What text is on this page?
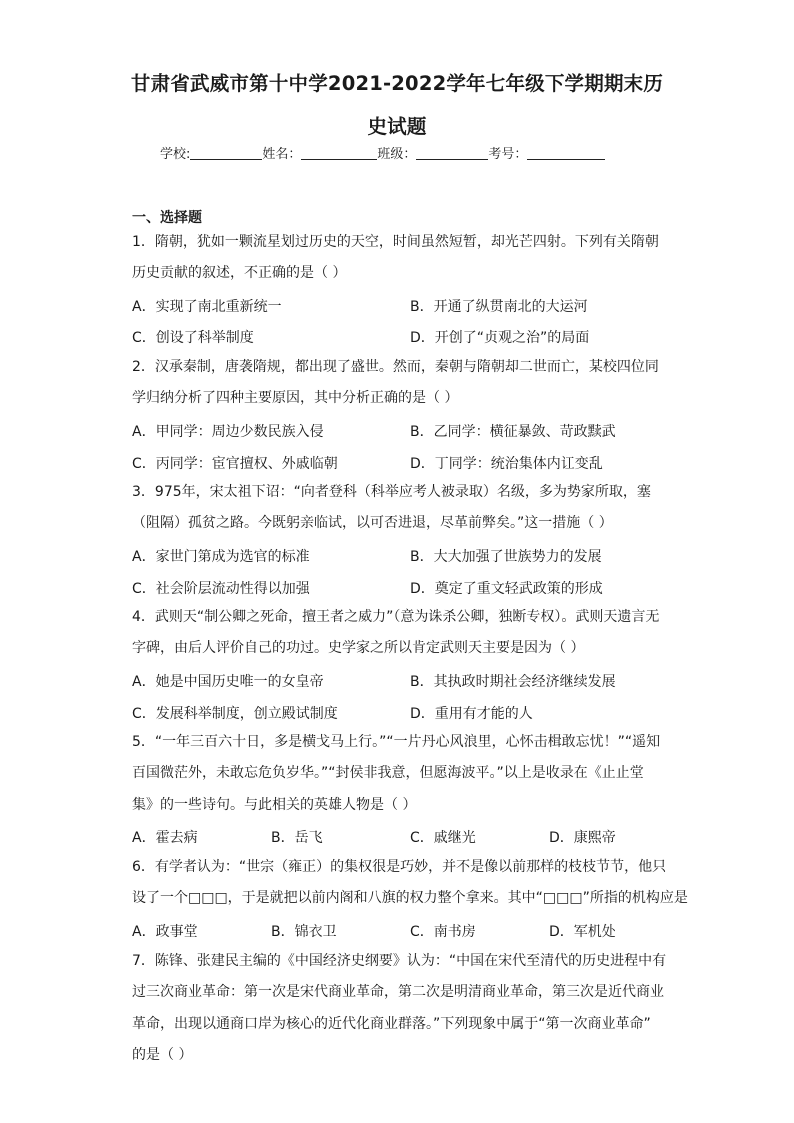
甘肃省武威市第十中学2021-2022学年七年级下学期期末历
史试题
学校:	姓名：	班级：	考号：
一、选择题

1．隋朝，犹如一颗流星划过历史的天空，时间虽然短暂，却光芒四射。下列有关隋朝

历史贡献的叙述，不正确的是（ ）

A．实现了南北重新统一	B．开通了纵贯南北的大运河
C．创设了科举制度	D．开创了“贞观之治”的局面

2．汉承秦制，唐袭隋规，都出现了盛世。然而，秦朝与隋朝却二世而亡，某校四位同

学归纳分析了四种主要原因，其中分析正确的是（ ）

A．甲同学：周边少数民族入侵	B．乙同学：横征暴敛、苛政黩武
C．丙同学：宦官擅权、外戚临朝	D．丁同学：统治集体内讧变乱

3．975年，宋太祖下诏：“向者登科（科举应考人被录取）名级，多为势家所取，塞

（阻隔）孤贫之路。今既躬亲临试，以可否进退，尽革前弊矣。”这一措施（ ）

A．家世门第成为选官的标准	B．大大加强了世族势力的发展
C．社会阶层流动性得以加强	D．奠定了重文轻武政策的形成

4．武则天“制公卿之死命，擅王者之威力”（意为诛杀公卿，独断专权）。武则天遗言无

字碑，由后人评价自己的功过。史学家之所以肯定武则天主要是因为（ ）

A．她是中国历史唯一的女皇帝	B．其执政时期社会经济继续发展
C．发展科举制度，创立殿试制度	D．重用有才能的人

5．“一年三百六十日，多是横戈马上行。”“一片丹心风浪里，心怀击楫敢忘忧！”“遥知

百国微茫外，未敢忘危负岁华。”“封侯非我意，但愿海波平。”以上是收录在《止止堂

集》的一些诗句。与此相关的英雄人物是（ ）

A．霍去病	B．岳飞	C．戚继光	D．康熙帝

6．有学者认为：“世宗（雍正）的集权很是巧妙，并不是像以前那样的枝枝节节，他只

设了一个□□□，于是就把以前内阁和八旗的权力整个拿来。其中“□□□”所指的机构应是

A．政事堂	B．锦衣卫	C．南书房	D．军机处

7．陈锋、张建民主编的《中国经济史纲要》认为：“中国在宋代至清代的历史进程中有

过三次商业革命：第一次是宋代商业革命，第二次是明清商业革命，第三次是近代商业

革命，出现以通商口岸为核心的近代化商业群落。”下列现象中属于“第一次商业革命”

的是（ ）
